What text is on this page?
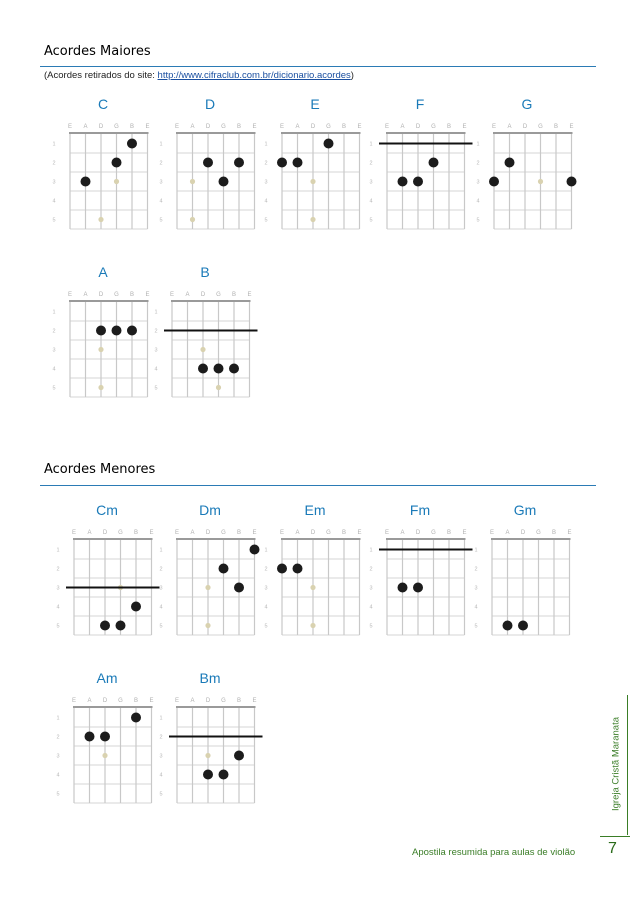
Acordes Maiores
(Acordes retirados do site: http://www.cifraclub.com.br/dicionario.acordes)
C
E A D G B E
1
2
3
4
5
D
E A D G B E
1
2
3
4
5
E
E A D G B E
1
2
3
4
5
F
E A D G B E
1
2
3
4
5
G
E A D G B E
1
2
3
4
5
A
E A D G B E
1
2
3
4
5
B
E A D G B E
1
2
3
4
5
Acordes Menores
Cm
E A D G B E
1
2
3
4
5
Dm
E A D G B E
1
2
3
4
5
Em
E A D G B E
1
2
3
4
5
Fm
E A D G B E
1
2
3
4
5
Gm
E A D G B E
1
2
3
4
5
Am
E A D G B E
1
2
3
4
5
Bm
E A D G B E
1
2
3
4
5	Igreja Cristã Maranata
7
Apostila resumida para aulas de violão
